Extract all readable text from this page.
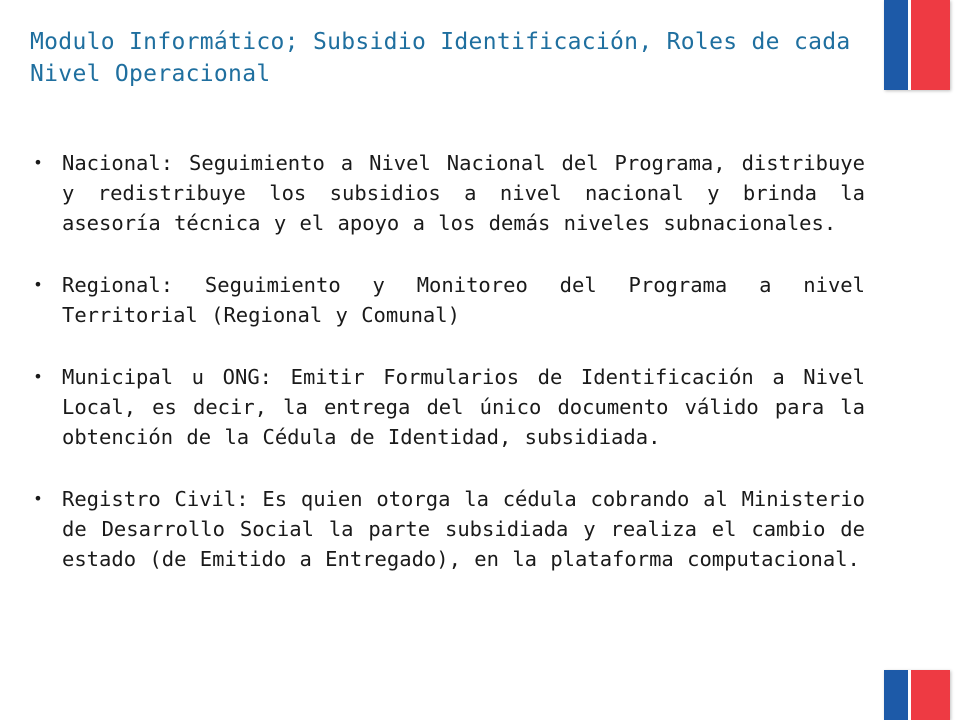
Modulo Informático; Subsidio Identificación, Roles de cada Nivel Operacional
• Nacional: Seguimiento a Nivel Nacional del Programa, distribuye y redistribuye los subsidios a nivel nacional y brinda la asesoría técnica y el apoyo a los demás niveles subnacionales.
• Regional: Seguimiento y Monitoreo del Programa a nivel Territorial (Regional y Comunal)
• Municipal u ONG: Emitir Formularios de Identificación a Nivel Local, es decir, la entrega del único documento válido para la obtención de la Cédula de Identidad, subsidiada.
• Registro Civil: Es quien otorga la cédula cobrando al Ministerio de Desarrollo Social la parte subsidiada y realiza el cambio de estado (de Emitido a Entregado), en la plataforma computacional.
